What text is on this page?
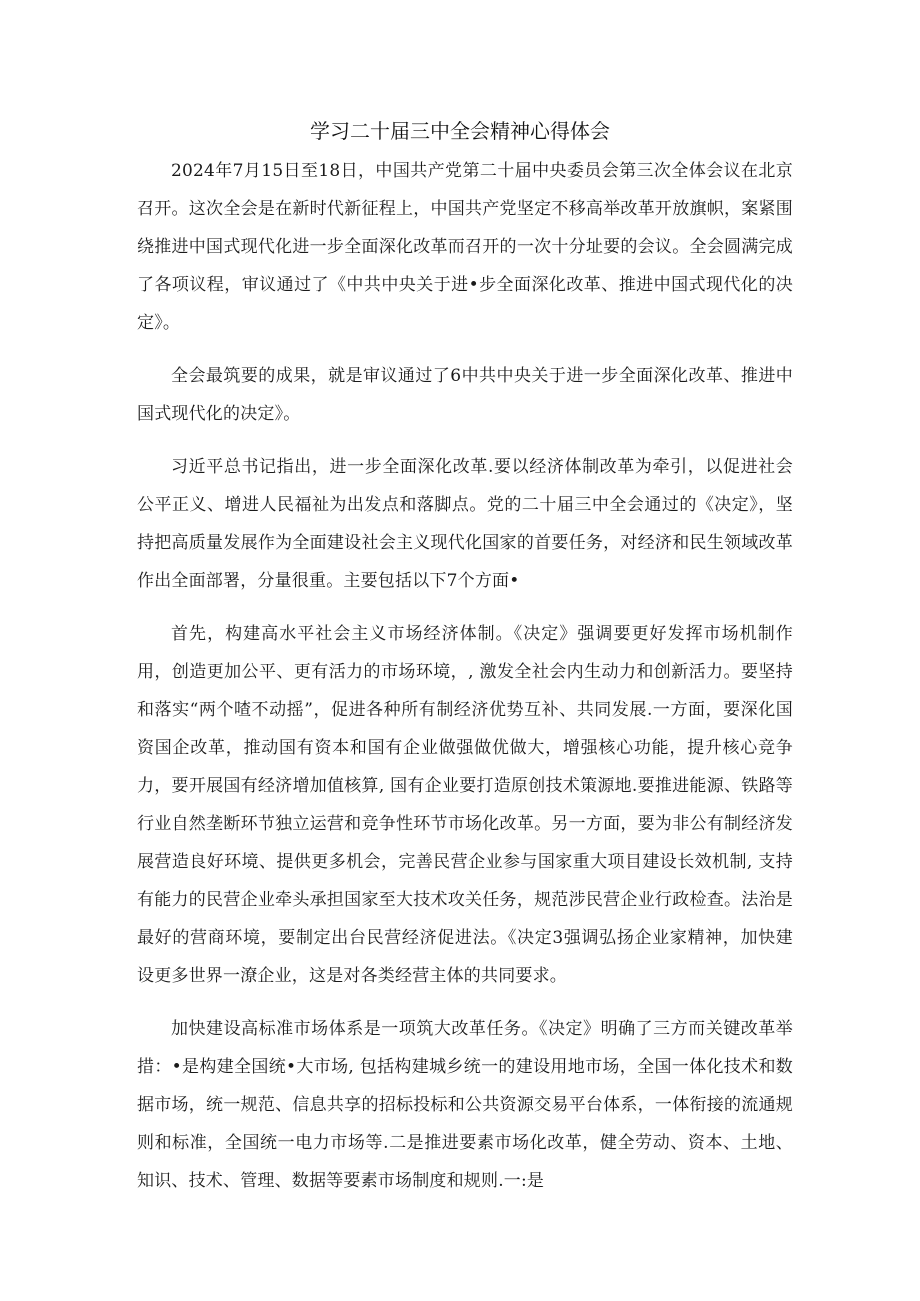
学习二十届三中全会精神心得体会

2024年7月15日至18日，中国共产党第二十届中央委员会第三次全体会议在北京召开。这次全会是在新时代新征程上，中国共产党坚定不移高举改革开放旗帜，案紧围绕推进中国式现代化进一步全面深化改革而召开的一次十分址要的会议。全会圆满完成了各项议程，审议通过了《中共中央关于进•步全面深化改革、推进中国式现代化的决定》。

全会最筑要的成果，就是审议通过了6中共中央关于进一步全面深化改革、推进中国式现代化的决定》。

习近平总书记指出，进一步全面深化改革.要以经济体制改革为牵引，以促进社会公平正义、增进人民福祉为出发点和落脚点。党的二十届三中全会通过的《决定》，坚持把高质量发展作为全面建设社会主义现代化国家的首要任务，对经济和民生领域改革作出全面部署，分量很重。主要包括以下7个方面•

首先，构建高水平社会主义市场经济体制。《决定》强调要更好发挥市场机制作用，创造更加公平、更有活力的市场环境，, 激发全社会内生动力和创新活力。要坚持和落实“两个喳不动摇”，促进各种所有制经济优势互补、共同发展.一方面，要深化国资国企改革，推动国有资本和国有企业做强做优做大，增强核心功能，提升核心竞争力，要开展国有经济增加值核算, 国有企业要打造原创技术策源地.要推进能源、铁路等行业自然垄断环节独立运营和竞争性环节市场化改革。另一方面，要为非公有制经济发展营造良好环境、提供更多机会，完善民营企业参与国家重大项目建设长效机制, 支持有能力的民营企业牵头承担国家至大技术攻关任务，规范涉民营企业行政检查。法治是最好的营商环境，要制定出台民营经济促进法。《决定3强调弘扬企业家精神，加快建设更多世界一潦企业，这是对各类经营主体的共同要求。

加快建设高标准市场体系是一项筑大改革任务。《决定》明确了三方而关键改革举措：•是构建全国统•大市场, 包括构建城乡统一的建设用地市场，全国一体化技术和数据市场，统一规范、信息共享的招标投标和公共资源交易平台体系，一体衔接的流通规则和标准，全国统一电力市场等.二是推进要素市场化改革，健全劳动、资本、土地、知识、技术、管理、数据等要素市场制度和规则.一:是
